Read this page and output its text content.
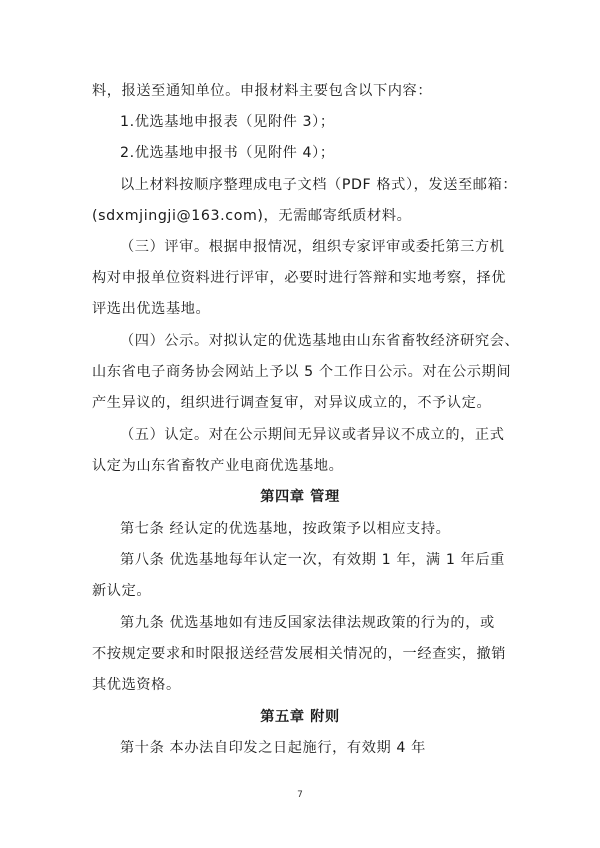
料，报送至通知单位。申报材料主要包含以下内容：
1.优选基地申报表（见附件 3）；
2.优选基地申报书（见附件 4）；
以上材料按顺序整理成电子文档（PDF 格式），发送至邮箱：
(sdxmjingji@163.com)，无需邮寄纸质材料。
（三）评审。根据申报情况，组织专家评审或委托第三方机
构对申报单位资料进行评审，必要时进行答辩和实地考察，择优
评选出优选基地。
（四）公示。对拟认定的优选基地由山东省畜牧经济研究会、
山东省电子商务协会网站上予以 5 个工作日公示。对在公示期间
产生异议的，组织进行调查复审，对异议成立的，不予认定。
（五）认定。对在公示期间无异议或者异议不成立的，正式
认定为山东省畜牧产业电商优选基地。
第四章 管理
第七条 经认定的优选基地，按政策予以相应支持。
第八条 优选基地每年认定一次，有效期 1 年，满 1 年后重
新认定。
第九条 优选基地如有违反国家法律法规政策的行为的，或
不按规定要求和时限报送经营发展相关情况的，一经查实，撤销
其优选资格。
第五章 附则
第十条 本办法自印发之日起施行，有效期 4 年
7
